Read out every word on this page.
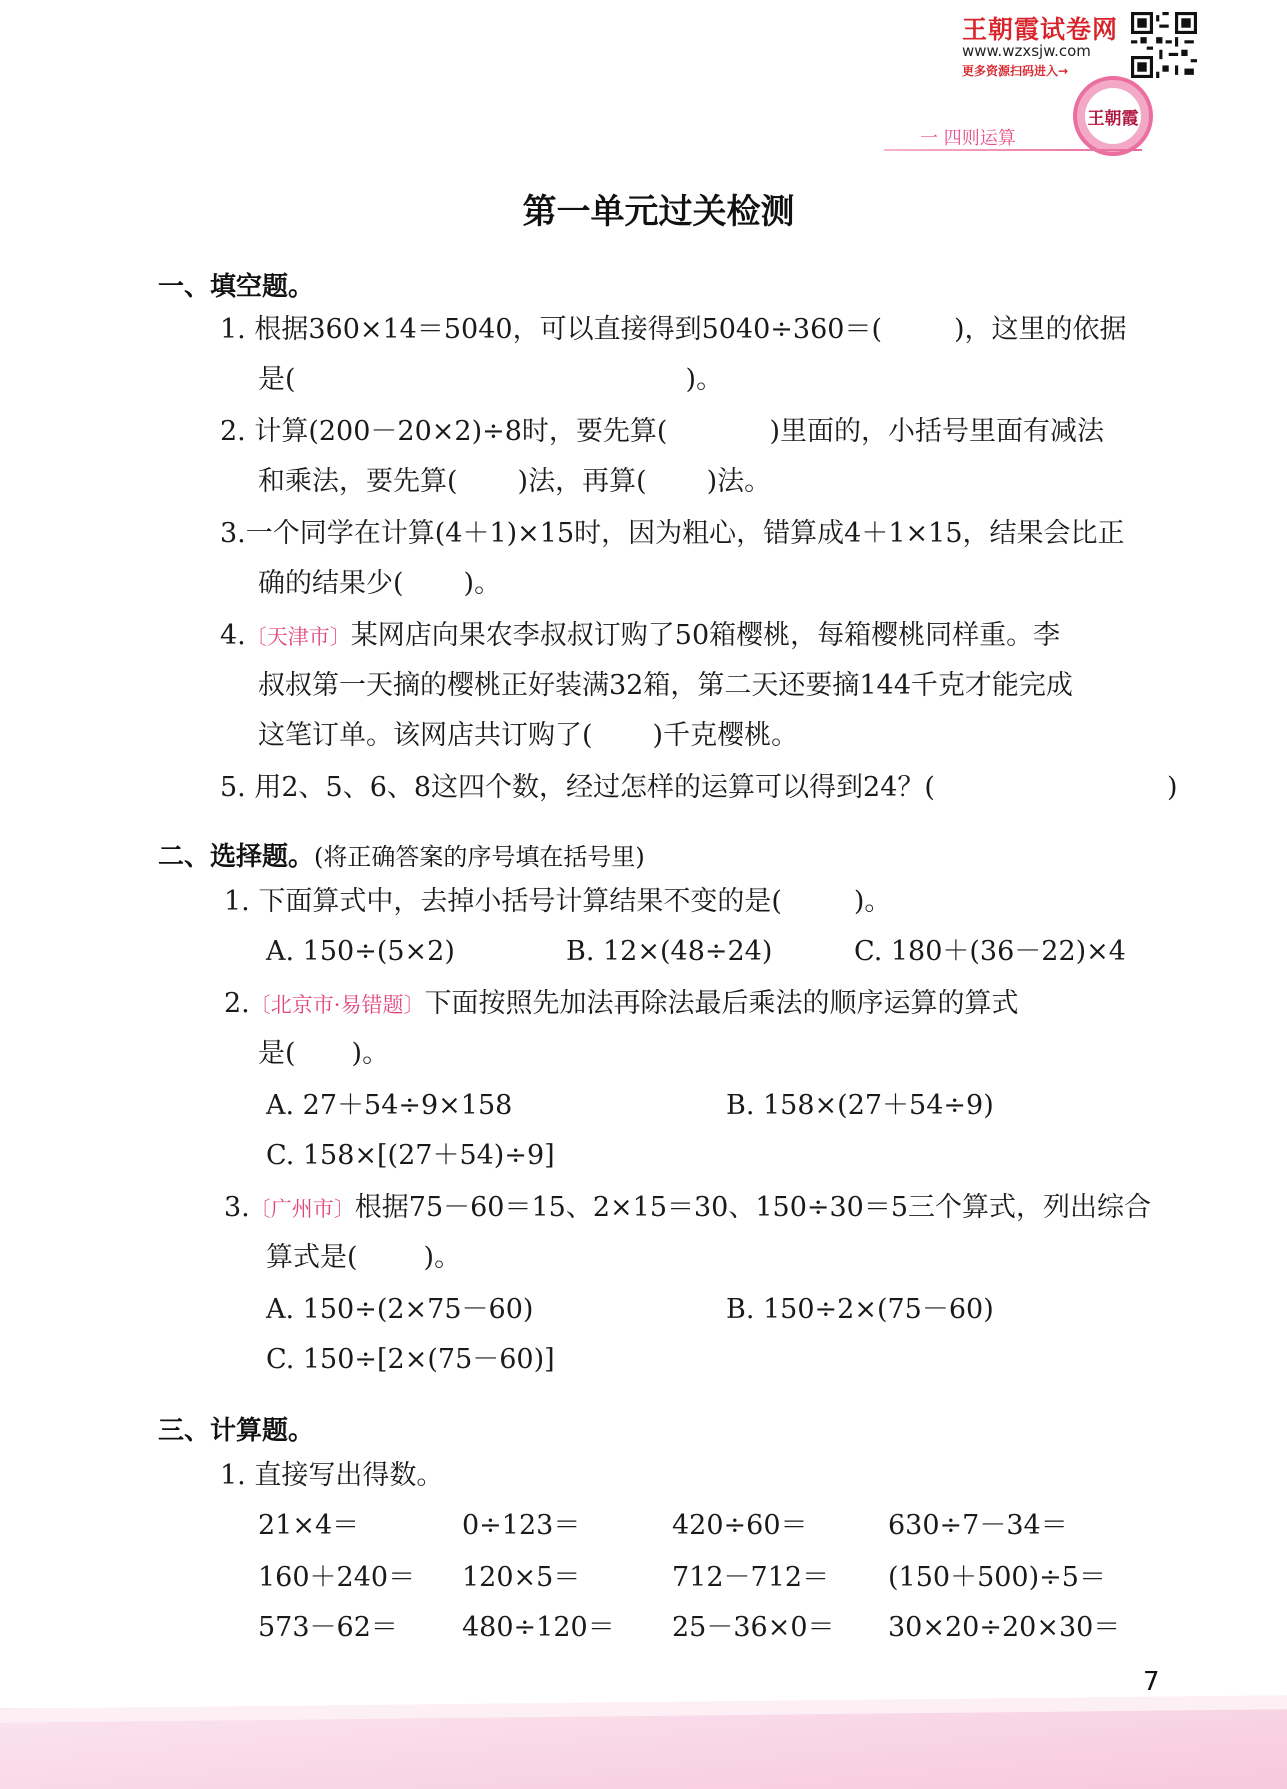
王朝霞试卷网
www.wzxsjw.com
更多资源扫码进入→
王朝霞
一 四则运算
第一单元过关检测
一、填空题。
1. 根据360×14＝5040，可以直接得到5040÷360＝(	)，这里的依据
是(	)。
2. 计算(200－20×2)÷8时，要先算(	)里面的，小括号里面有减法
和乘法，要先算( )法，再算( )法。
3.一个同学在计算(4＋1)×15时，因为粗心，错算成4＋1×15，结果会比正
确的结果少( )。
4.〔天津市〕某网店向果农李叔叔订购了50箱樱桃，每箱樱桃同样重。李
叔叔第一天摘的樱桃正好装满32箱，第二天还要摘144千克才能完成
这笔订单。该网店共订购了( )千克樱桃。
5. 用2、5、6、8这四个数，经过怎样的运算可以得到24？(	)
二、选择题。(将正确答案的序号填在括号里)
1. 下面算式中，去掉小括号计算结果不变的是(	)。
A. 150÷(5×2)	B. 12×(48÷24)	C. 180＋(36－22)×4
2.〔北京市·易错题〕下面按照先加法再除法最后乘法的顺序运算的算式
是( )。
A. 27＋54÷9×158	B. 158×(27＋54÷9)
C. 158×[(27＋54)÷9]
3.〔广州市〕根据75－60＝15、2×15＝30、150÷30＝5三个算式，列出综合
算式是( )。
A. 150÷(2×75－60)	B. 150÷2×(75－60)
C. 150÷[2×(75－60)]
三、计算题。
1. 直接写出得数。
21×4＝	0÷123＝	420÷60＝	630÷7－34＝
160＋240＝ 120×5＝	712－712＝ (150＋500)÷5＝
573－62＝ 480÷120＝ 25－36×0＝ 30×20÷20×30＝
7
